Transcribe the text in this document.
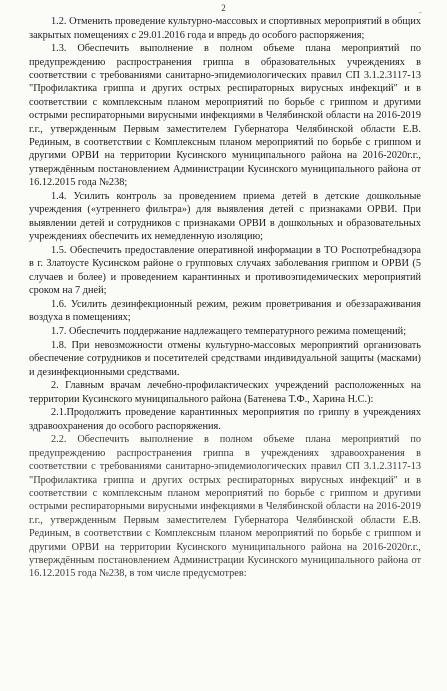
2	-

1.2. Отменить проведение культурно-массовых и спортивных мероприятий в общих закрытых помещениях с 29.01.2016 года и впредь до особого распоряжения;

1.3. Обеспечить выполнение в полном объеме плана мероприятий по предупреждению распространения гриппа в образовательных учреждениях в соответствии с требованиями санитарно-эпидемиологических правил СП 3.1.2.3117-13 "Профилактика гриппа и других острых респираторных вирусных инфекций" и в соответствии с комплексным планом мероприятий по борьбе с гриппом и другими острыми респираторными вирусными инфекциями в Челябинской области на 2016-2019 г.г., утвержденным Первым заместителем Губернатора Челябинской области Е.В. Рединым, в соответствии с Комплексным планом мероприятий по борьбе с гриппом и другими ОРВИ на территории Кусинского муниципального района на 2016-2020г.г., утверждённым постановлением Администрации Кусинского муниципального района от 16.12.2015 года №238;

1.4. Усилить контроль за проведением приема детей в детские дошкольные учреждения («утреннего фильтра») для выявления детей с признаками ОРВИ. При выявлении детей и сотрудников с признаками ОРВИ в дошкольных и образовательных учреждениях обеспечить их немедленную изоляцию;

1.5. Обеспечить предоставление оперативной информации в ТО Роспотребнадзора в г. Златоусте Кусинском районе о групповых случаях заболевания гриппом и ОРВИ (5 случаев и более) и проведением карантинных и противоэпидемических мероприятий сроком на 7 дней;

1.6. Усилить дезинфекционный режим, режим проветривания и обеззараживания воздуха в помещениях;

1.7. Обеспечить поддержание надлежащего температурного режима помещений;

1.8. При невозможности отмены культурно-массовых мероприятий организовать обеспечение сотрудников и посетителей средствами индивидуальной защиты (масками) и дезинфекционными средствами.

2. Главным врачам лечебно-профилактических учреждений расположенных на территории Кусинского муниципального района (Батенева Т.Ф., Харина Н.С.):

2.1.Продолжить проведение карантинных мероприятия по гриппу в учреждениях здравоохранения до особого распоряжения.

2.2. Обеспечить выполнение в полном объеме плана мероприятий по предупреждению распространения гриппа в учреждениях здравоохранения в соответствии с требованиями санитарно-эпидемиологических правил СП 3.1.2.3117-13 "Профилактика гриппа и других острых респираторных вирусных инфекций" и в соответствии с комплексным планом мероприятий по борьбе с гриппом и другими острыми респираторными вирусными инфекциями в Челябинской области на 2016-2019 г.г., утвержденным Первым заместителем Губернатора Челябинской области Е.В. Рединым, в соответствии с Комплексным планом мероприятий по борьбе с гриппом и другими ОРВИ на территории Кусинского муниципального района на 2016-2020г.г., утверждённым постановлением Администрации Кусинского муниципального района от 16.12.2015 года №238, в том числе предусмотрев:
